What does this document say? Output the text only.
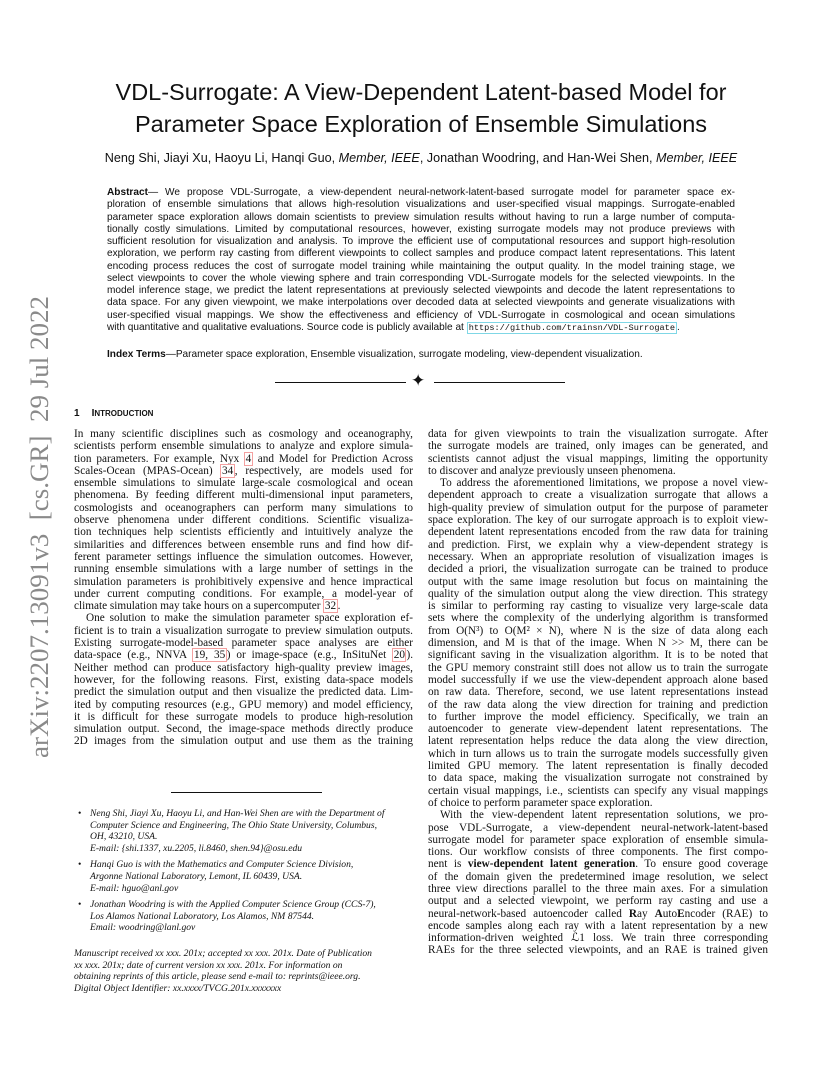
arXiv:2207.13091v3  [cs.GR]  29 Jul 2022
VDL-Surrogate: A View-Dependent Latent-based Model for
Parameter Space Exploration of Ensemble Simulations
Neng Shi, Jiayi Xu, Haoyu Li, Hanqi Guo, Member, IEEE, Jonathan Woodring, and Han-Wei Shen, Member, IEEE
Abstract— We propose VDL-Surrogate, a view-dependent neural-network-latent-based surrogate model for parameter space ex-
ploration of ensemble simulations that allows high-resolution visualizations and user-specified visual mappings. Surrogate-enabled
parameter space exploration allows domain scientists to preview simulation results without having to run a large number of computa-
tionally costly simulations. Limited by computational resources, however, existing surrogate models may not produce previews with
sufficient resolution for visualization and analysis. To improve the efficient use of computational resources and support high-resolution
exploration, we perform ray casting from different viewpoints to collect samples and produce compact latent representations. This latent
encoding process reduces the cost of surrogate model training while maintaining the output quality. In the model training stage, we
select viewpoints to cover the whole viewing sphere and train corresponding VDL-Surrogate models for the selected viewpoints. In the
model inference stage, we predict the latent representations at previously selected viewpoints and decode the latent representations to
data space. For any given viewpoint, we make interpolations over decoded data at selected viewpoints and generate visualizations with
user-specified visual mappings. We show the effectiveness and efficiency of VDL-Surrogate in cosmological and ocean simulations
with quantitative and qualitative evaluations. Source code is publicly available at https://github.com/trainsn/VDL-Surrogate .
Index Terms—Parameter space exploration, Ensemble visualization, surrogate modeling, view-dependent visualization.
✦
1 INTRODUCTION
In many scientific disciplines such as cosmology and oceanography,
scientists perform ensemble simulations to analyze and explore simula-
tion parameters. For example, Nyx 4 and Model for Prediction Across
Scales-Ocean (MPAS-Ocean) 34 , respectively, are models used for
ensemble simulations to simulate large-scale cosmological and ocean
phenomena. By feeding different multi-dimensional input parameters,
cosmologists and oceanographers can perform many simulations to
observe phenomena under different conditions. Scientific visualiza-
tion techniques help scientists efficiently and intuitively analyze the
similarities and differences between ensemble runs and find how dif-
ferent parameter settings influence the simulation outcomes. However,
running ensemble simulations with a large number of settings in the
simulation parameters is prohibitively expensive and hence impractical
under current computing conditions. For example, a model-year of
climate simulation may take hours on a supercomputer 32 .
One solution to make the simulation parameter space exploration ef-
ficient is to train a visualization surrogate to preview simulation outputs.
Existing surrogate-model-based parameter space analyses are either
data-space (e.g., NNVA 19, 35 ) or image-space (e.g., InSituNet 20 ).
Neither method can produce satisfactory high-quality preview images,
however, for the following reasons. First, existing data-space models
predict the simulation output and then visualize the predicted data. Lim-
ited by computing resources (e.g., GPU memory) and model efficiency,
it is difficult for these surrogate models to produce high-resolution
simulation output. Second, the image-space methods directly produce
2D images from the simulation output and use them as the training
• Neng Shi, Jiayi Xu, Haoyu Li, and Han-Wei Shen are with the Department of
Computer Science and Engineering, The Ohio State University, Columbus,
OH, 43210, USA.
E-mail: {shi.1337, xu.2205, li.8460, shen.94}@osu.edu
• Hanqi Guo is with the Mathematics and Computer Science Division,
Argonne National Laboratory, Lemont, IL 60439, USA.
E-mail: hguo@anl.gov
• Jonathan Woodring is with the Applied Computer Science Group (CCS-7),
Los Alamos National Laboratory, Los Alamos, NM 87544.
Email: woodring@lanl.gov
Manuscript received xx xxx. 201x; accepted xx xxx. 201x. Date of Publication
xx xxx. 201x; date of current version xx xxx. 201x. For information on
obtaining reprints of this article, please send e-mail to: reprints@ieee.org.
Digital Object Identifier: xx.xxxx/TVCG.201x.xxxxxxx
data for given viewpoints to train the visualization surrogate. After
the surrogate models are trained, only images can be generated, and
scientists cannot adjust the visual mappings, limiting the opportunity
to discover and analyze previously unseen phenomena.
To address the aforementioned limitations, we propose a novel view-
dependent approach to create a visualization surrogate that allows a
high-quality preview of simulation output for the purpose of parameter
space exploration. The key of our surrogate approach is to exploit view-
dependent latent representations encoded from the raw data for training
and prediction. First, we explain why a view-dependent strategy is
necessary. When an appropriate resolution of visualization images is
decided a priori, the visualization surrogate can be trained to produce
output with the same image resolution but focus on maintaining the
quality of the simulation output along the view direction. This strategy
is similar to performing ray casting to visualize very large-scale data
sets where the complexity of the underlying algorithm is transformed
from O(N³) to O(M² × N), where N is the size of data along each
dimension, and M is that of the image. When N >> M, there can be
significant saving in the visualization algorithm. It is to be noted that
the GPU memory constraint still does not allow us to train the surrogate
model successfully if we use the view-dependent approach alone based
on raw data. Therefore, second, we use latent representations instead
of the raw data along the view direction for training and prediction
to further improve the model efficiency. Specifically, we train an
autoencoder to generate view-dependent latent representations. The
latent representation helps reduce the data along the view direction,
which in turn allows us to train the surrogate models successfully given
limited GPU memory. The latent representation is finally decoded
to data space, making the visualization surrogate not constrained by
certain visual mappings, i.e., scientists can specify any visual mappings
of choice to perform parameter space exploration.
With the view-dependent latent representation solutions, we pro-
pose VDL-Surrogate, a view-dependent neural-network-latent-based
surrogate model for parameter space exploration of ensemble simula-
tions. Our workflow consists of three components. The first compo-
nent is view-dependent latent generation. To ensure good coverage
of the domain given the predetermined image resolution, we select
three view directions parallel to the three main axes. For a simulation
output and a selected viewpoint, we perform ray casting and use a
neural-network-based autoencoder called Ray AutoEncoder (RAE) to
encode samples along each ray with a latent representation by a new
information-driven weighted ℒ1 loss. We train three corresponding
RAEs for the three selected viewpoints, and an RAE is trained given
